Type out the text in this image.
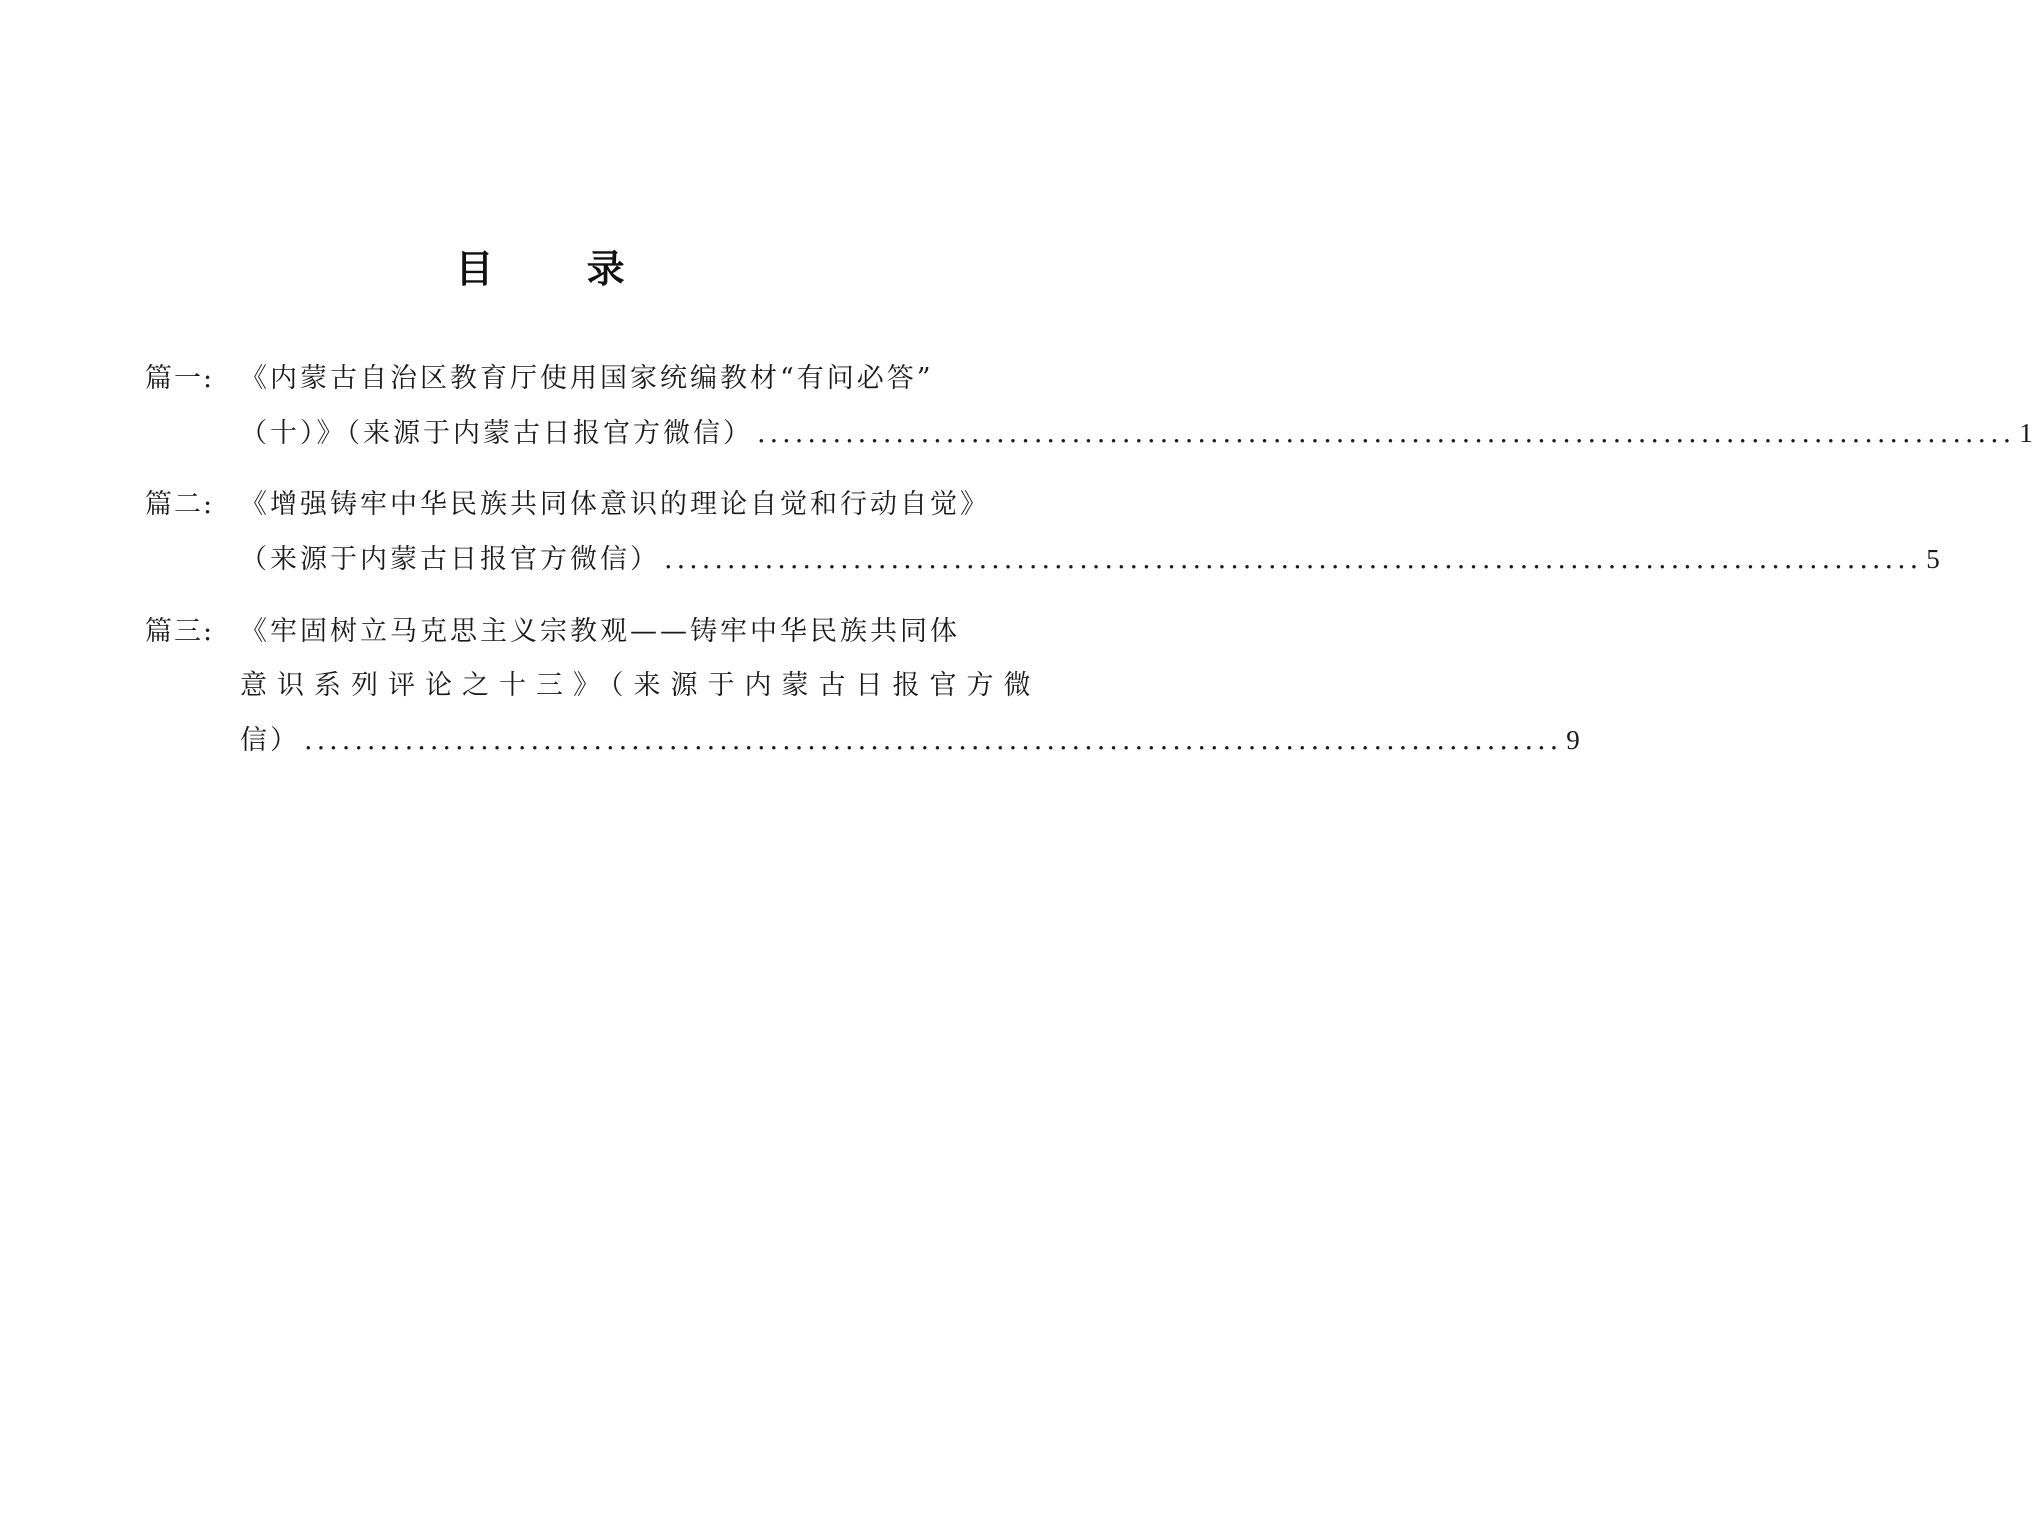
目 录
篇一: 《内蒙古自治区教育厅使用国家统编教材“有问必答”
（十）》（来源于内蒙古日报官方微信） .................................................................................................... 1
篇二: 《增强铸牢中华民族共同体意识的理论自觉和行动自觉》
（来源于内蒙古日报官方微信） .................................................................................................... 5
篇三: 《牢固树立马克思主义宗教观——铸牢中华民族共同体
意识系列评论之十三》（来源于内蒙古日报官方微
信） .................................................................................................... 9
